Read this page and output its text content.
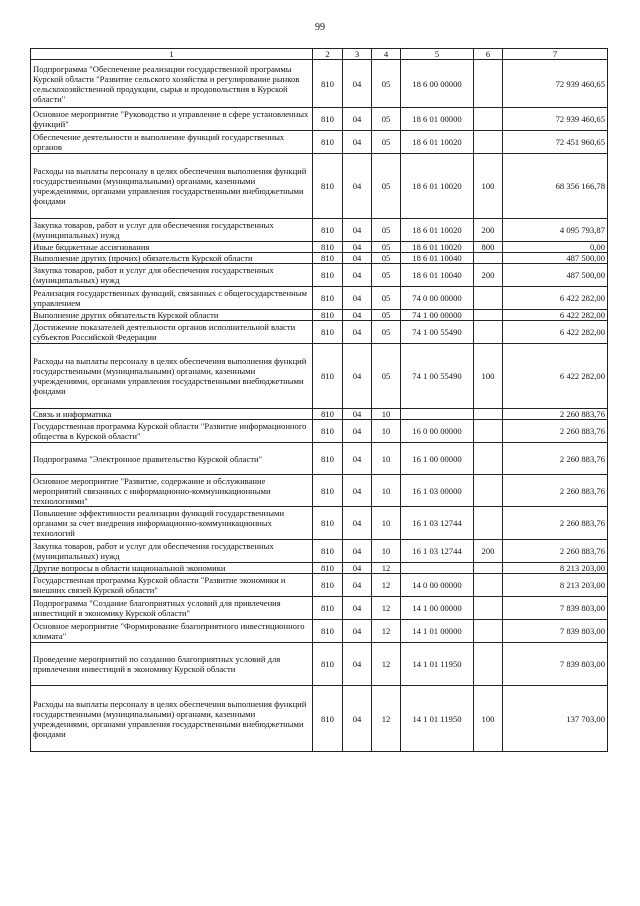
99
1	2	3	4	5	6	7
Подпрограмма "Обеспечение реализации государственной программы Курской области "Развитие сельского хозяйства и регулирование рынков сельскохозяйственной продукции, сырья и продовольствия в Курской области"	810	04	05	18 6 00 00000		72 939 460,65
Основное мероприятие "Руководство и управление в сфере установленных функций"	810	04	05	18 6 01 00000		72 939 460,65
Обеспечение деятельности и выполнение функций государственных органов	810	04	05	18 6 01 10020		72 451 960,65
Расходы на выплаты персоналу в целях обеспечения выполнения функций государственными (муниципальными) органами, казенными учреждениями, органами управления государственными внебюджетными фондами	810	04	05	18 6 01 10020	100	68 356 166,78
Закупка товаров, работ и услуг для обеспечения государственных (муниципальных) нужд	810	04	05	18 6 01 10020	200	4 095 793,87
Иные бюджетные ассигнования	810	04	05	18 6 01 10020	800	0,00
Выполнение других (прочих) обязательств Курской области	810	04	05	18 6 01 10040		487 500,00
Закупка товаров, работ и услуг для обеспечения государственных (муниципальных) нужд	810	04	05	18 6 01 10040	200	487 500,00
Реализация государственных функций, связанных с общегосударственным управлением	810	04	05	74 0 00 00000		6 422 282,00
Выполнение других обязательств Курской области	810	04	05	74 1 00 00000		6 422 282,00
Достижение показателей деятельности органов исполнительной власти субъектов Российской Федерации	810	04	05	74 1 00 55490		6 422 282,00
Расходы на выплаты персоналу в целях обеспечения выполнения функций государственными (муниципальными) органами, казенными учреждениями, органами управления государственными внебюджетными фондами	810	04	05	74 1 00 55490	100	6 422 282,00
Связь и информатика	810	04	10			2 260 883,76
Государственная программа Курской области "Развитие информационного общества в Курской области"	810	04	10	16 0 00 00000		2 260 883,76
Подпрограмма "Электронное правительство Курской области"	810	04	10	16 1 00 00000		2 260 883,76
Основное мероприятие "Развитие, содержание и обслуживание мероприятий связанных с информационно-коммуникационными технологиями"	810	04	10	16 1 03 00000		2 260 883,76
Повышение эффективности реализации функций государственными органами за счет внедрения информационно-коммуникационных технологий	810	04	10	16 1 03 12744		2 260 883,76
Закупка товаров, работ и услуг для обеспечения государственных (муниципальных) нужд	810	04	10	16 1 03 12744	200	2 260 883,76
Другие вопросы в области национальной экономики	810	04	12			8 213 203,00
Государственная программа Курской области "Развитие экономики и внешних связей Курской области"	810	04	12	14 0 00 00000		8 213 203,00
Подпрограмма "Создание благоприятных условий для привлечения инвестиций в экономику Курской области"	810	04	12	14 1 00 00000		7 839 803,00
Основное мероприятие "Формирование благоприятного инвестиционного климата"	810	04	12	14 1 01 00000		7 839 803,00
Проведение мероприятий по созданию благоприятных условий для привлечения инвестиций в экономику Курской области	810	04	12	14 1 01 11950		7 839 803,00
Расходы на выплаты персоналу в целях обеспечения выполнения функций государственными (муниципальными) органами, казенными учреждениями, органами управления государственными внебюджетными фондами	810	04	12	14 1 01 11950	100	137 703,00
